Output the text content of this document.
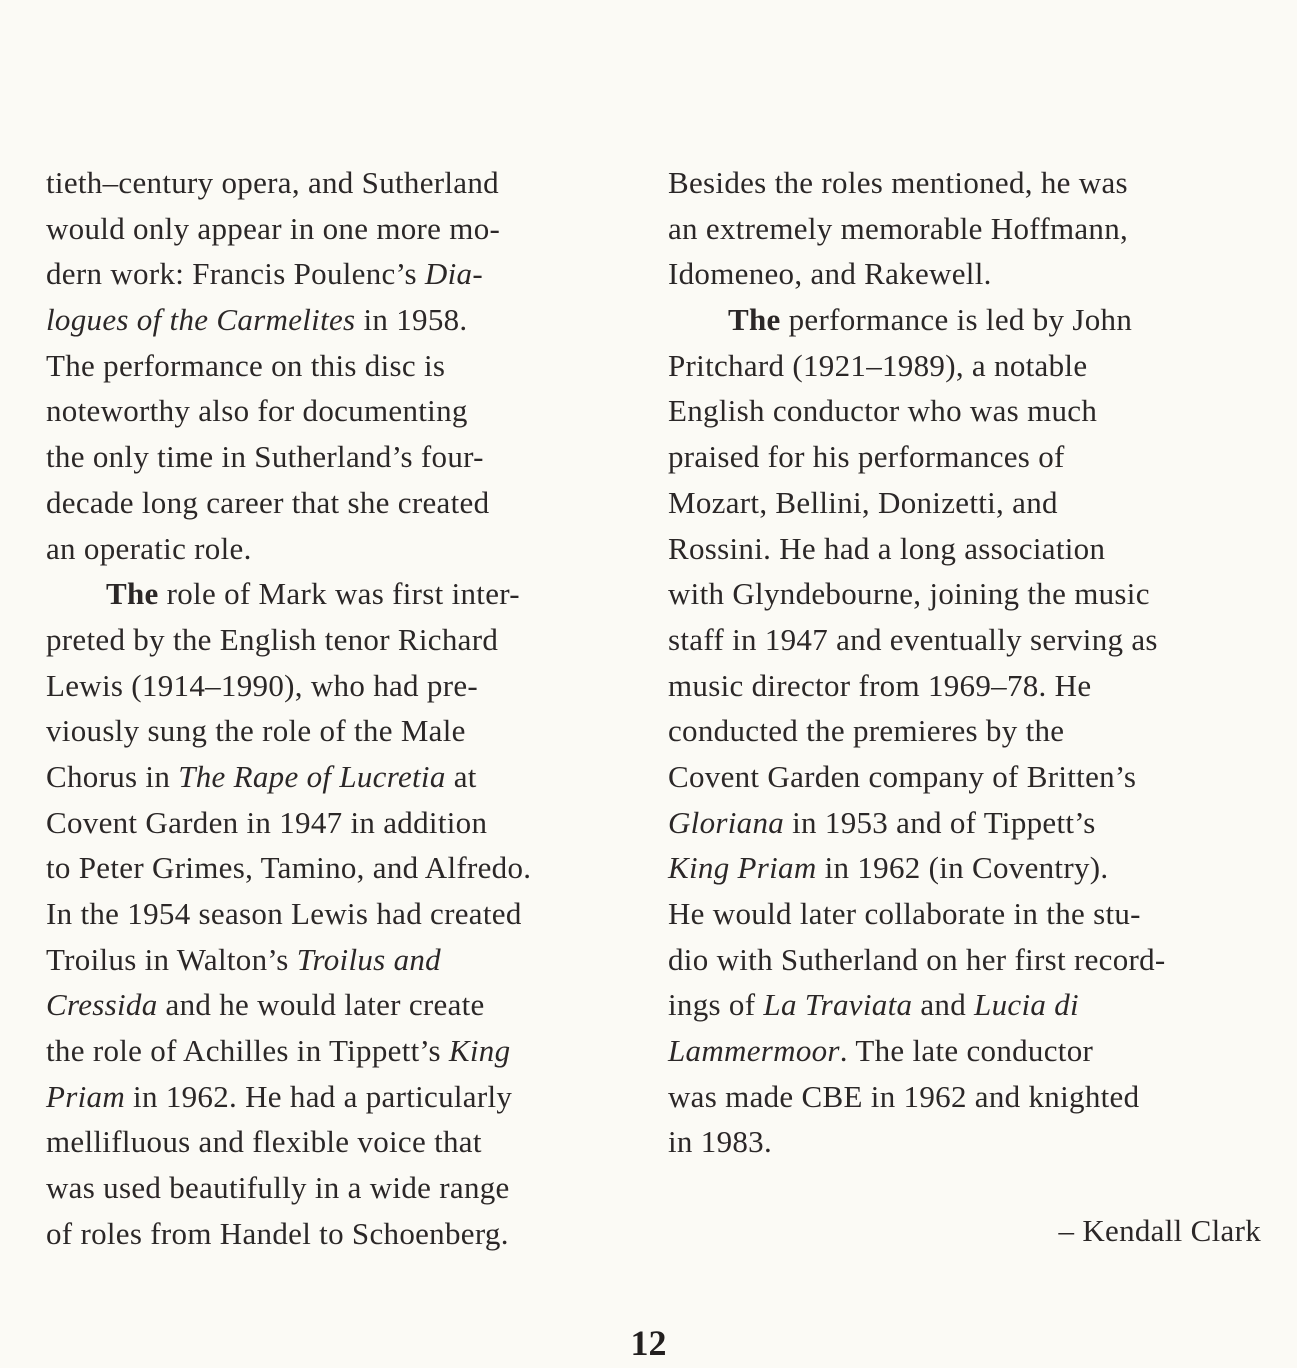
tieth–century opera, and Sutherland
would only appear in one more mo-
dern work: Francis Poulenc’s Dia-
logues of the Carmelites in 1958.
The performance on this disc is
noteworthy also for documenting
the only time in Sutherland’s four-
decade long career that she created
an operatic role.
The role of Mark was first inter-
preted by the English tenor Richard
Lewis (1914–1990), who had pre-
viously sung the role of the Male
Chorus in The Rape of Lucretia at
Covent Garden in 1947 in addition
to Peter Grimes, Tamino, and Alfredo.
In the 1954 season Lewis had created
Troilus in Walton’s Troilus and
Cressida and he would later create
the role of Achilles in Tippett’s King
Priam in 1962. He had a particularly
mellifluous and flexible voice that
was used beautifully in a wide range
of roles from Handel to Schoenberg.
Besides the roles mentioned, he was
an extremely memorable Hoffmann,
Idomeneo, and Rakewell.
The performance is led by John
Pritchard (1921–1989), a notable
English conductor who was much
praised for his performances of
Mozart, Bellini, Donizetti, and
Rossini. He had a long association
with Glyndebourne, joining the music
staff in 1947 and eventually serving as
music director from 1969–78. He
conducted the premieres by the
Covent Garden company of Britten’s
Gloriana in 1953 and of Tippett’s
King Priam in 1962 (in Coventry).
He would later collaborate in the stu-
dio with Sutherland on her first record-
ings of La Traviata and Lucia di
Lammermoor. The late conductor
was made CBE in 1962 and knighted
in 1983.
– Kendall Clark
12
